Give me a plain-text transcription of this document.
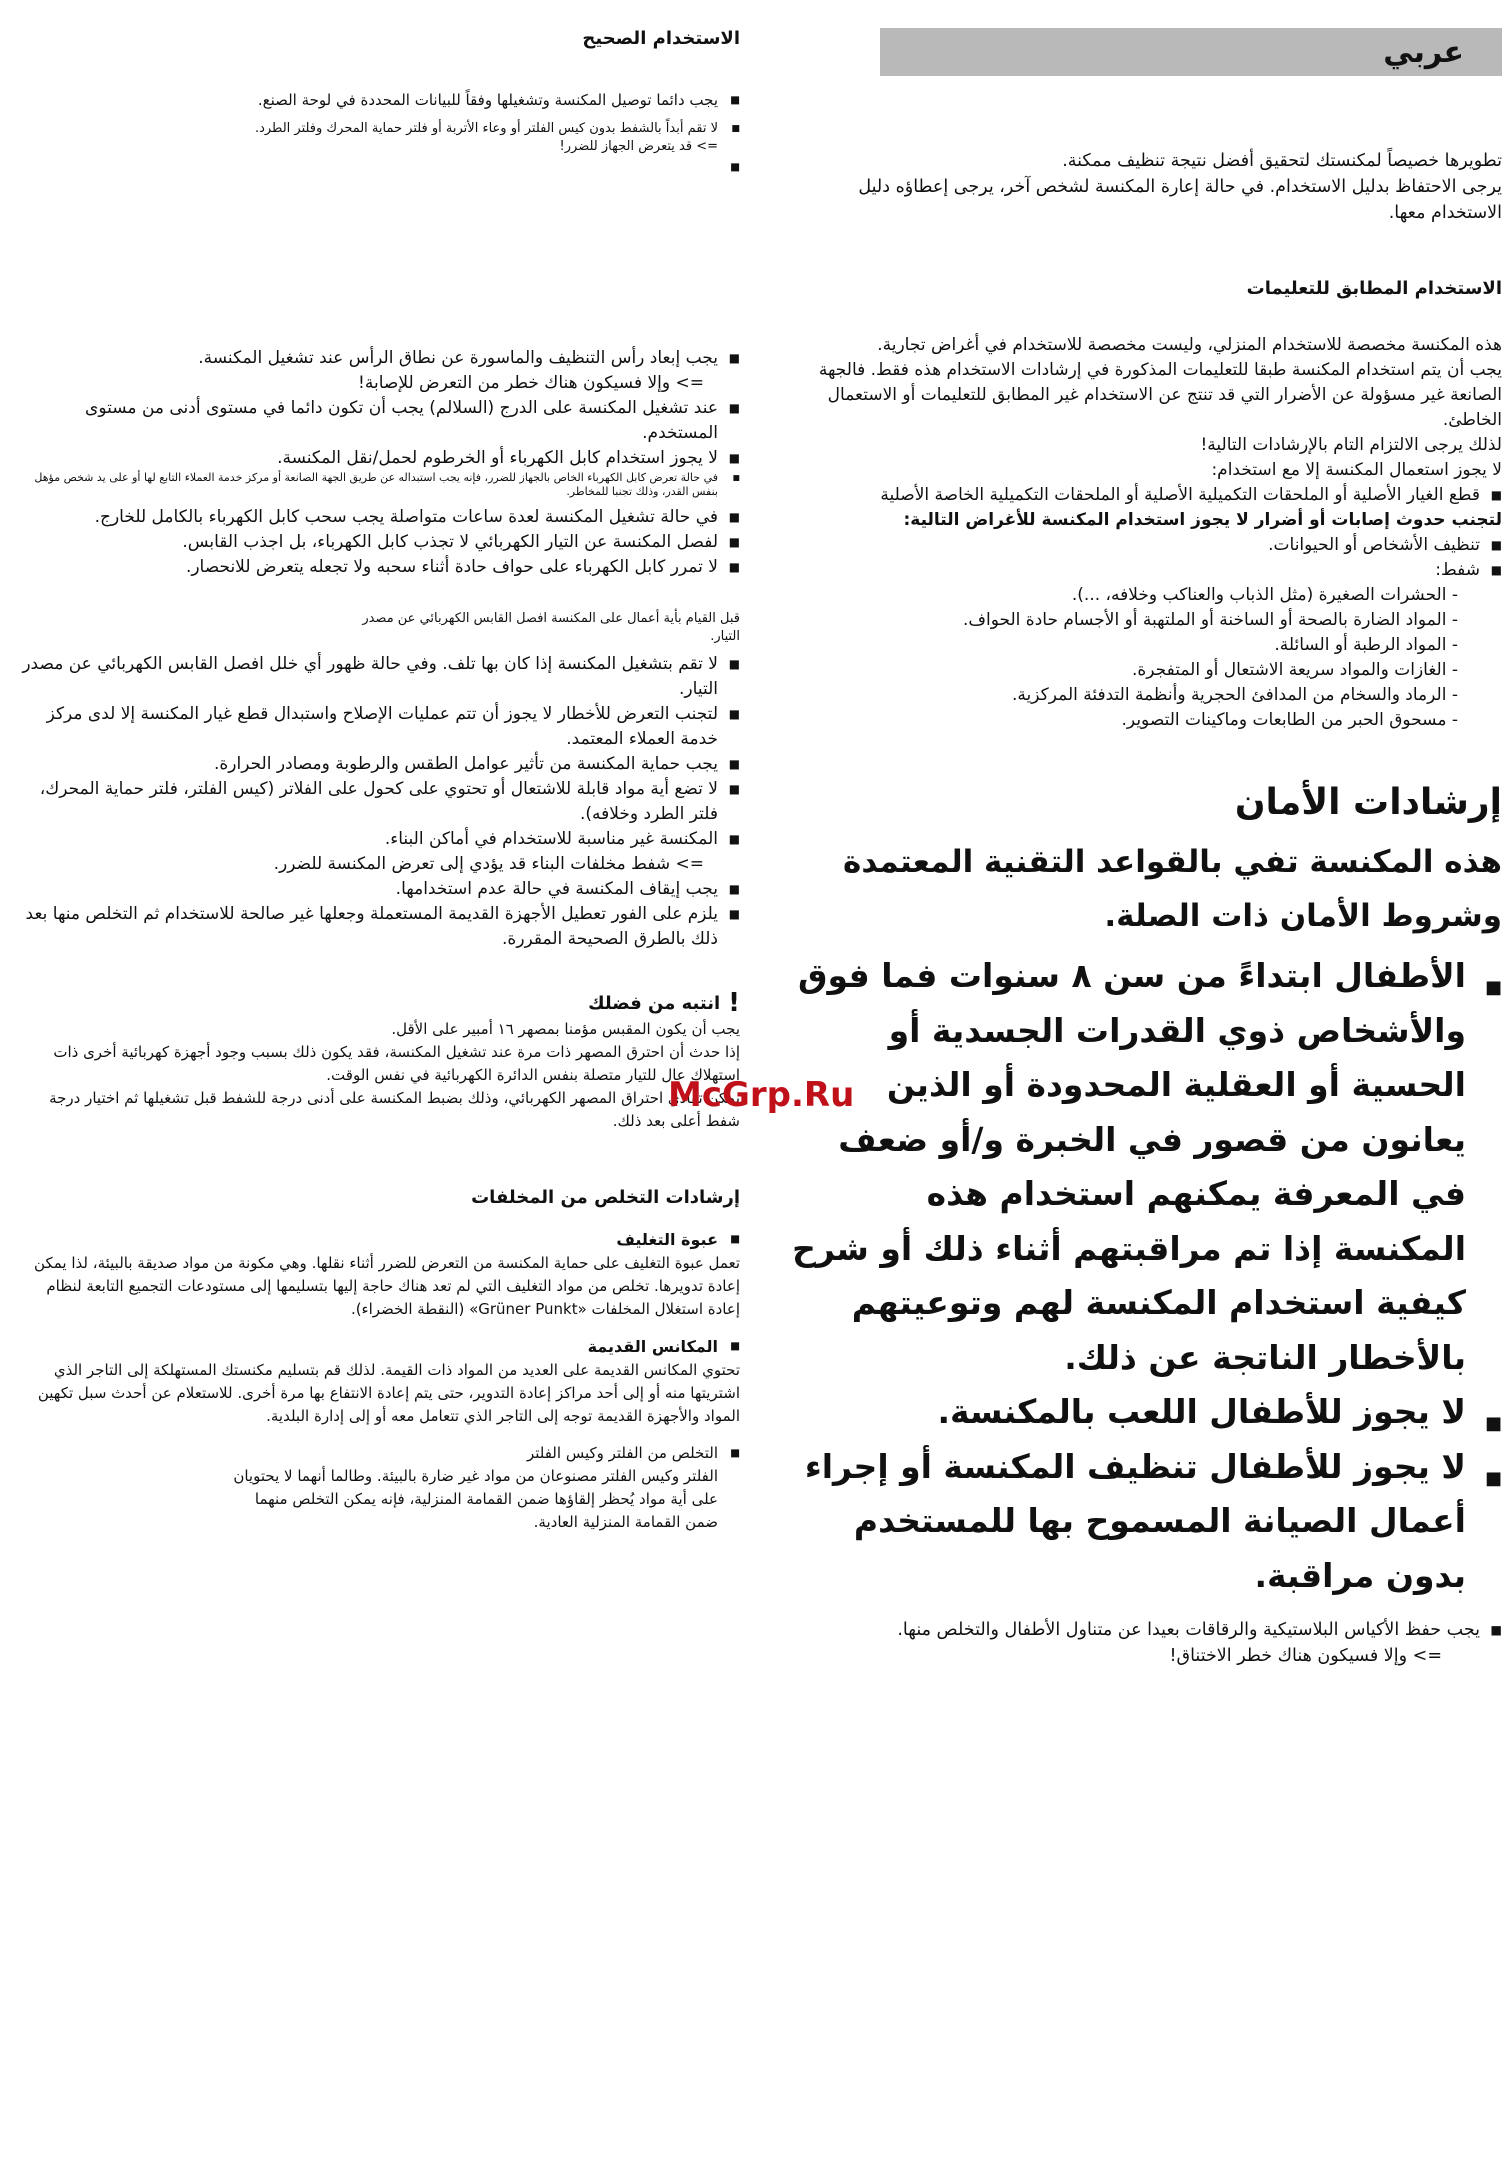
عربي

تطويرها خصيصاً لمكنستك لتحقيق أفضل نتيجة تنظيف ممكنة.

يرجى الاحتفاظ بدليل الاستخدام. في حالة إعارة المكنسة لشخص آخر، يرجى إعطاؤه دليل الاستخدام معها.

الاستخدام المطابق للتعليمات

هذه المكنسة مخصصة للاستخدام المنزلي، وليست مخصصة للاستخدام في أغراض تجارية.

يجب أن يتم استخدام المكنسة طبقا للتعليمات المذكورة في إرشادات الاستخدام هذه فقط. فالجهة الصانعة غير مسؤولة عن الأضرار التي قد تنتج عن الاستخدام غير المطابق للتعليمات أو الاستعمال الخاطئ.

لذلك يرجى الالتزام التام بالإرشادات التالية!

لا يجوز استعمال المكنسة إلا مع استخدام:

■ قطع الغيار الأصلية أو الملحقات التكميلية الأصلية أو الملحقات التكميلية الخاصة الأصلية

لتجنب حدوث إصابات أو أضرار لا يجوز استخدام المكنسة للأغراض التالية:

■ تنظيف الأشخاص أو الحيوانات.
■ شفط:
- الحشرات الصغيرة (مثل الذباب والعناكب وخلافه، ...).
- المواد الضارة بالصحة أو الساخنة أو الملتهبة أو الأجسام حادة الحواف.
- المواد الرطبة أو السائلة.
- الغازات والمواد سريعة الاشتعال أو المتفجرة.
- الرماد والسخام من المدافئ الحجرية وأنظمة التدفئة المركزية.
- مسحوق الحبر من الطابعات وماكينات التصوير.
إرشادات الأمان

هذه المكنسة تفي بالقواعد التقنية المعتمدة وشروط الأمان ذات الصلة.

■ الأطفال ابتداءً من سن ٨ سنوات فما فوق والأشخاص ذوي القدرات الجسدية أو الحسية أو العقلية المحدودة أو الذين يعانون من قصور في الخبرة و/أو ضعف في المعرفة يمكنهم استخدام هذه المكنسة إذا تم مراقبتهم أثناء ذلك أو شرح كيفية استخدام المكنسة لهم وتوعيتهم بالأخطار الناتجة عن ذلك.
■ لا يجوز للأطفال اللعب بالمكنسة.
■ لا يجوز للأطفال تنظيف المكنسة أو إجراء أعمال الصيانة المسموح بها للمستخدم بدون مراقبة.
■ يجب حفظ الأكياس البلاستيكية والرقاقات بعيدا عن متناول الأطفال والتخلص منها.

=> وإلا فسيكون هناك خطر الاختناق!

الاستخدام الصحيح
■ يجب دائما توصيل المكنسة وتشغيلها وفقاً للبيانات المحددة في لوحة الصنع.
■ لا تقم أبداً بالشفط بدون كيس الفلتر أو وعاء الأتربة أو فلتر حماية المحرك وفلتر الطرد.
=> قد يتعرض الجهاز للضرر!
■
■ يجب إبعاد رأس التنظيف والماسورة عن نطاق الرأس عند تشغيل المكنسة.
=> وإلا فسيكون هناك خطر من التعرض للإصابة!
■ عند تشغيل المكنسة على الدرج (السلالم) يجب أن تكون دائما في مستوى أدنى من مستوى المستخدم.
■ لا يجوز استخدام كابل الكهرباء أو الخرطوم لحمل/نقل المكنسة.
■ في حالة تعرض كابل الكهرباء الخاص بالجهاز للضرر، فإنه يجب استبداله عن طريق الجهة الصانعة أو مركز خدمة العملاء التابع لها أو على يد شخص مؤهل بنفس القدر، وذلك تجنبا للمخاطر.
■ في حالة تشغيل المكنسة لعدة ساعات متواصلة يجب سحب كابل الكهرباء بالكامل للخارج.
■ لفصل المكنسة عن التيار الكهربائي لا تجذب كابل الكهرباء، بل اجذب القابس.
■ لا تمرر كابل الكهرباء على حواف حادة أثناء سحبه ولا تجعله يتعرض للانحصار.

قبل القيام بأية أعمال على المكنسة افصل القابس الكهربائي عن مصدر التيار.

■ لا تقم بتشغيل المكنسة إذا كان بها تلف. وفي حالة ظهور أي خلل افصل القابس الكهربائي عن مصدر التيار.
■ لتجنب التعرض للأخطار لا يجوز أن تتم عمليات الإصلاح واستبدال قطع غيار المكنسة إلا لدى مركز خدمة العملاء المعتمد.
■ يجب حماية المكنسة من تأثير عوامل الطقس والرطوبة ومصادر الحرارة.
■ لا تضع أية مواد قابلة للاشتعال أو تحتوي على كحول على الفلاتر (كيس الفلتر، فلتر حماية المحرك، فلتر الطرد وخلافه).
■ المكنسة غير مناسبة للاستخدام في أماكن البناء.
=> شفط مخلفات البناء قد يؤدي إلى تعرض المكنسة للضرر.
■ يجب إيقاف المكنسة في حالة عدم استخدامها.
■ يلزم على الفور تعطيل الأجهزة القديمة المستعملة وجعلها غير صالحة للاستخدام ثم التخلص منها بعد ذلك بالطرق الصحيحة المقررة.
!
انتبه من فضلك

يجب أن يكون المقبس مؤمنا بمصهر ١٦ أمبير على الأقل.

إذا حدث أن احترق المصهر ذات مرة عند تشغيل المكنسة، فقد يكون ذلك بسبب وجود أجهزة كهربائية أخرى ذات استهلاك عال للتيار متصلة بنفس الدائرة الكهربائية في نفس الوقت.

يمكن تفادي احتراق المصهر الكهربائي، وذلك بضبط المكنسة على أدنى درجة للشفط قبل تشغيلها ثم اختيار درجة شفط أعلى بعد ذلك.

إرشادات التخلص من المخلفات
■ عبوة التغليف

تعمل عبوة التغليف على حماية المكنسة من التعرض للضرر أثناء نقلها. وهي مكونة من مواد صديقة بالبيئة، لذا يمكن إعادة تدويرها. تخلص من مواد التغليف التي لم تعد هناك حاجة إليها بتسليمها إلى مستودعات التجميع التابعة لنظام إعادة استغلال المخلفات «Grüner Punkt» (النقطة الخضراء).

■ المكانس القديمة

تحتوي المكانس القديمة على العديد من المواد ذات القيمة. لذلك قم بتسليم مكنستك المستهلكة إلى التاجر الذي اشتريتها منه أو إلى أحد مراكز إعادة التدوير، حتى يتم إعادة الانتفاع بها مرة أخرى. للاستعلام عن أحدث سبل تكهين المواد والأجهزة القديمة توجه إلى التاجر الذي تتعامل معه أو إلى إدارة البلدية.

■ التخلص من الفلتر وكيس الفلتر

الفلتر وكيس الفلتر مصنوعان من مواد غير ضارة بالبيئة. وطالما أنهما لا يحتويان على أية مواد يُحظر إلقاؤها ضمن القمامة المنزلية، فإنه يمكن التخلص منهما ضمن القمامة المنزلية العادية.

McGrp.Ru
